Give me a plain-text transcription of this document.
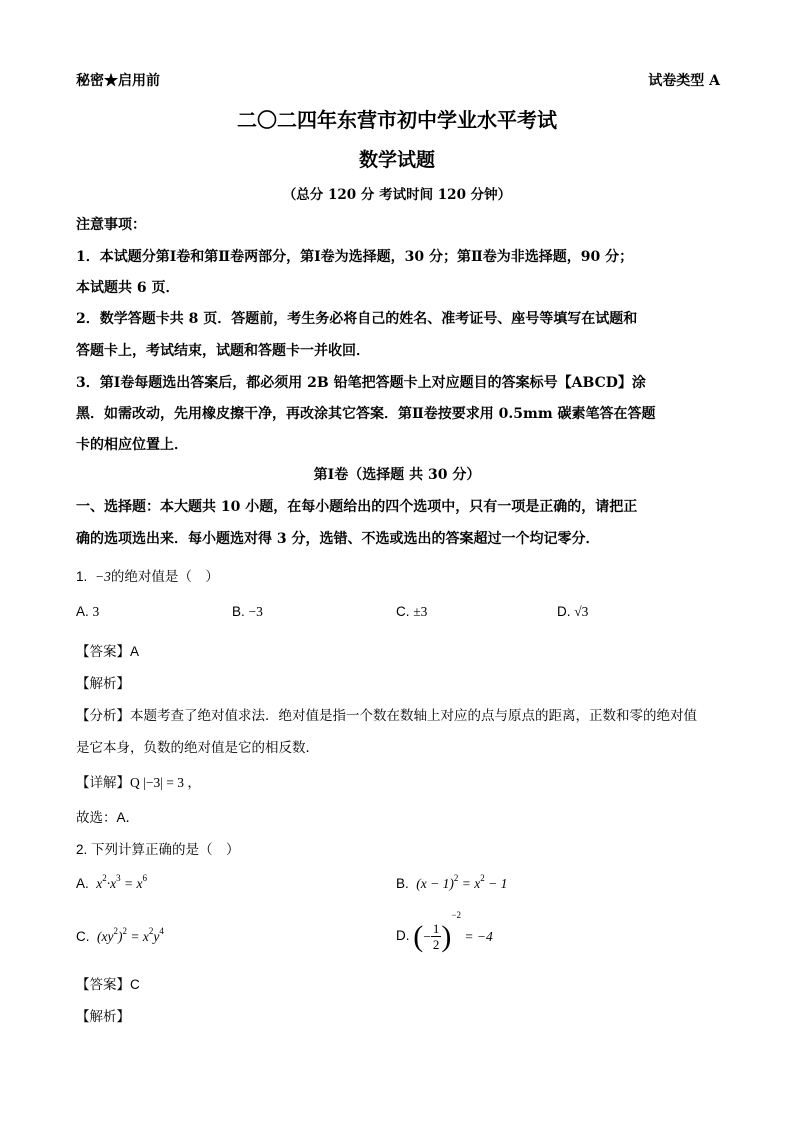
秘密★启用前	试卷类型 A
二〇二四年东营市初中学业水平考试
数学试题
（总分 120 分 考试时间 120 分钟）
注意事项：
1．本试题分第Ⅰ卷和第Ⅱ卷两部分，第Ⅰ卷为选择题，30 分；第Ⅱ卷为非选择题，90 分；
本试题共 6 页．
2．数学答题卡共 8 页．答题前，考生务必将自己的姓名、准考证号、座号等填写在试题和
答题卡上，考试结束，试题和答题卡一并收回．
3．第Ⅰ卷每题选出答案后，都必须用 2B 铅笔把答题卡上对应题目的答案标号【ABCD】涂
黑．如需改动，先用橡皮擦干净，再改涂其它答案．第Ⅱ卷按要求用 0.5mm 碳素笔答在答题
卡的相应位置上．
第Ⅰ卷（选择题 共 30 分）
一、选择题：本大题共 10 小题，在每小题给出的四个选项中，只有一项是正确的，请把正
确的选项选出来．每小题选对得 3 分，选错、不选或选出的答案超过一个均记零分．
1. −3的绝对值是（　）
A. 3	B. −3	C. ±3	D. √3
【答案】A
【解析】
【分析】本题考查了绝对值求法．绝对值是指一个数在数轴上对应的点与原点的距离，正数和零的绝对值
是它本身，负数的绝对值是它的相反数．
【详解】Q |−3| = 3 ，
故选：A．
2. 下列计算正确的是（　）
A.  $x^2\cdot x^3 = x^6$	B.  $(x - 1)^2 = x^2 - 1$
C.  $(xy^2)^2 = x^2y^4$	D. (− $\frac{1}{2} )^{-2} = -4$
【答案】C
【解析】
